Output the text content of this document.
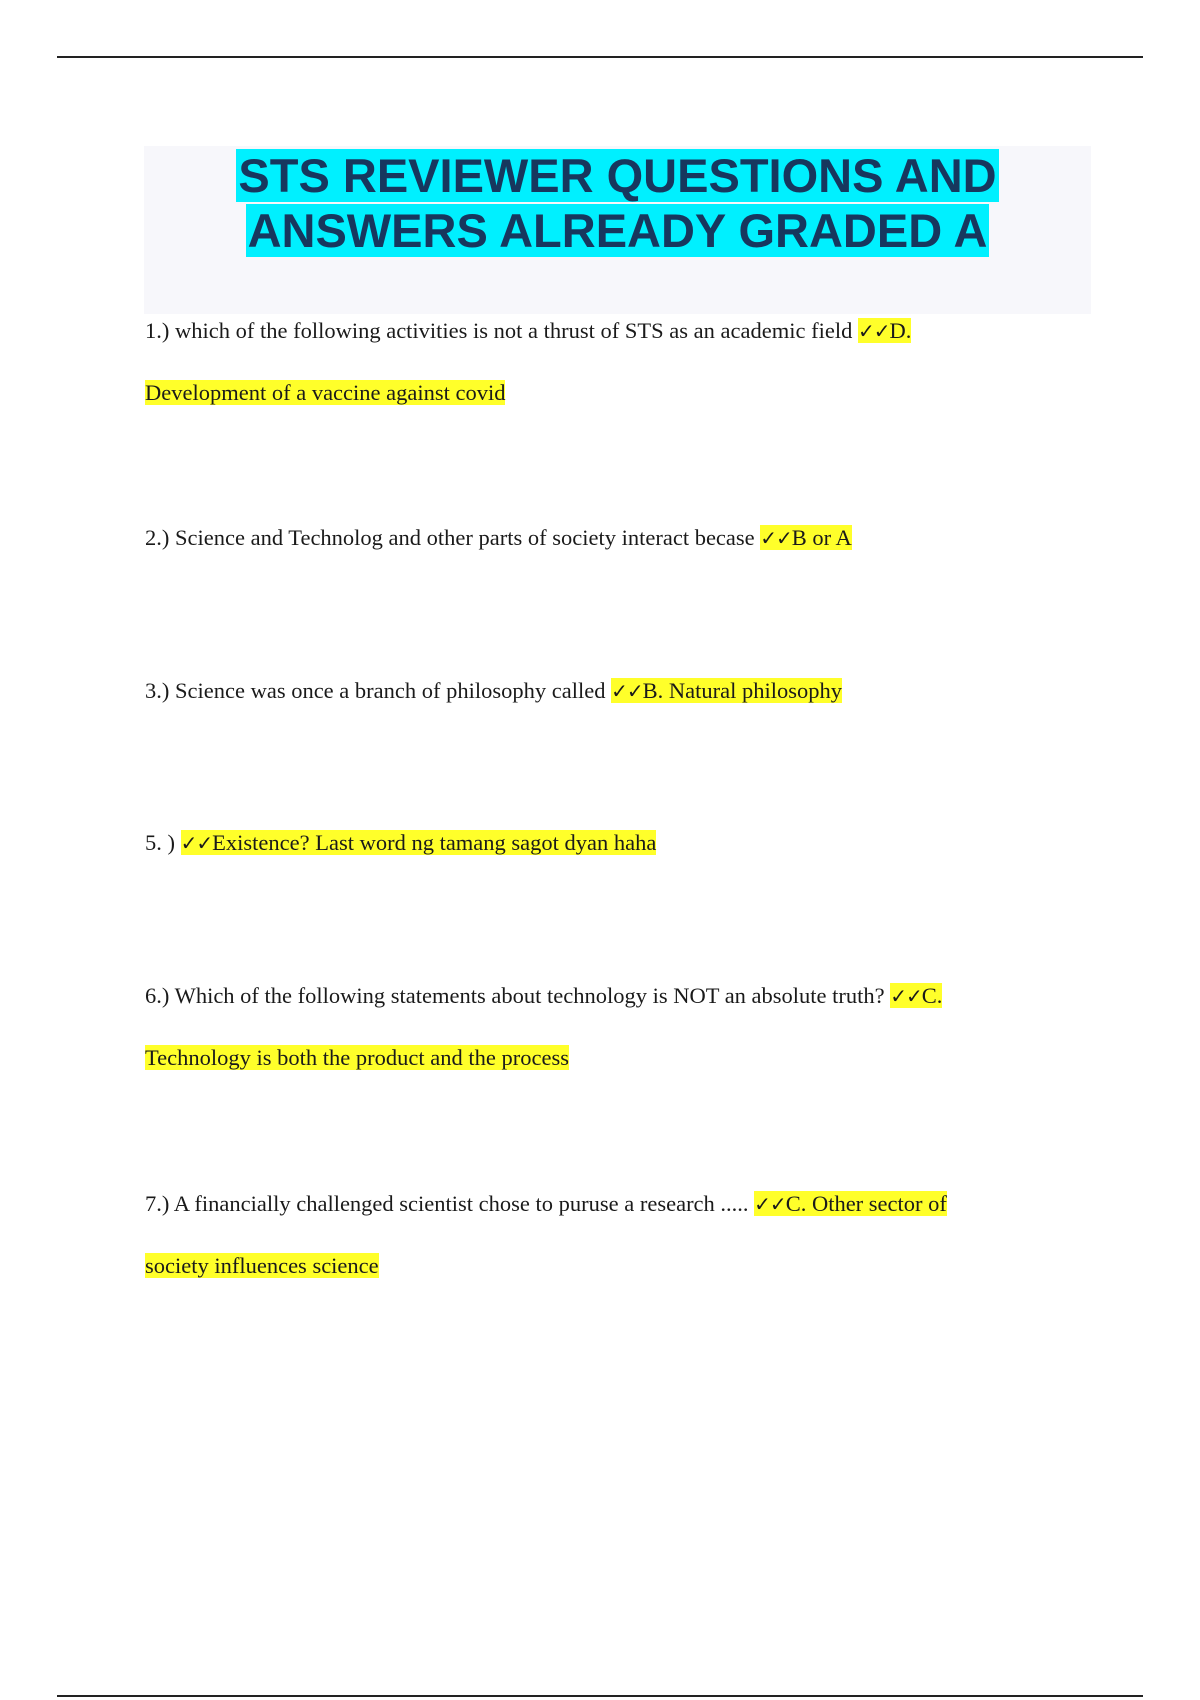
STS REVIEWER QUESTIONS AND
ANSWERS ALREADY GRADED A

1.) which of the following activities is not a thrust of STS as an academic field ✓✓D.
Development of a vaccine against covid

2.) Science and Technolog and other parts of society interact becase ✓✓B or A

3.) Science was once a branch of philosophy called ✓✓B. Natural philosophy

5. ) ✓✓Existence? Last word ng tamang sagot dyan haha

6.) Which of the following statements about technology is NOT an absolute truth? ✓✓C.
Technology is both the product and the process

7.) A financially challenged scientist chose to puruse a research ..... ✓✓C. Other sector of
society influences science
